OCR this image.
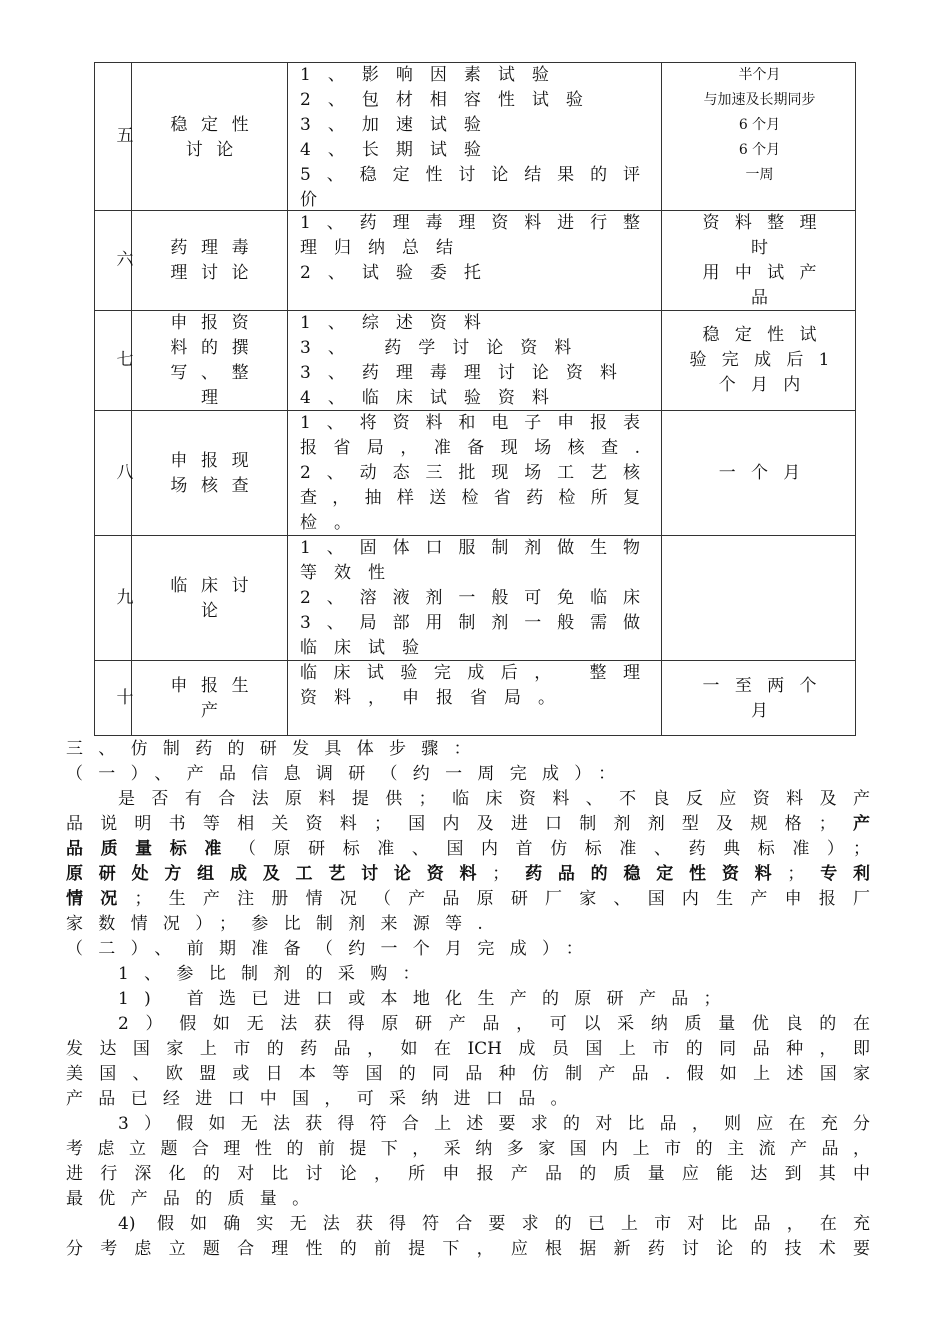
五
稳定性
讨论
1、影响因素试验
2、包材相容性试验
3、加速试验
4、长期试验
5、稳定性讨论结果的评
价
半个月
与加速及长期同步
6 个月
6 个月
一周
六
药理毒
理讨论
1、药理毒理资料进行整
理归纳总结
2、试验委托
资料整理
时
用中试产
品
七
申报资
料的撰
写、整
理
1、综述资料
3、 药学讨论资料
3、药理毒理讨论资料
4、临床试验资料
稳定性试
验完成后1
个月内
八
申报现
场核查
1、将资料和电子申报表
报省局，准备现场核查.
2、动态三批现场工艺核
查，抽样送检省药检所复
检。
一个月
九
临床讨
论
1、固体口服制剂做生物
等效性
2、溶液剂一般可免临床
3、局部用制剂一般需做
临床试验
十
申报生
产
临床试验完成后， 整理
资料，申报省局。
一至两个
月
三、仿制药的研发具体步骤：
（一）、产品信息调研（约一周完成）：
是否有合法原料提供；临床资料、不良反应资料及产
品说明书等相关资料；国内及进口制剂剂型及规格；产
品质量标准（原研标准、国内首仿标准、药典标准）；
原研处方组成及工艺讨论资料；药品的稳定性资料；专利
情况；生产注册情况（产品原研厂家、国内生产申报厂
家数情况）；参比制剂来源等.
（二）、前期准备（约一个月完成）：
1、参比制剂的采购：
1) 首选已进口或本地化生产的原研产品；
2）假如无法获得原研产品，可以采纳质量优良的在
发达国家上市的药品，如在ICH成员国上市的同品种，即
美国、欧盟或日本等国的同品种仿制产品.假如上述国家
产品已经进口中国，可采纳进口品。
3）假如无法获得符合上述要求的对比品，则应在充分
考虑立题合理性的前提下，采纳多家国内上市的主流产品，
进行深化的对比讨论，所申报产品的质量应能达到其中
最优产品的质量。
4) 假如确实无法获得符合要求的已上市对比品，在充
分考虑立题合理性的前提下，应根据新药讨论的技术要
